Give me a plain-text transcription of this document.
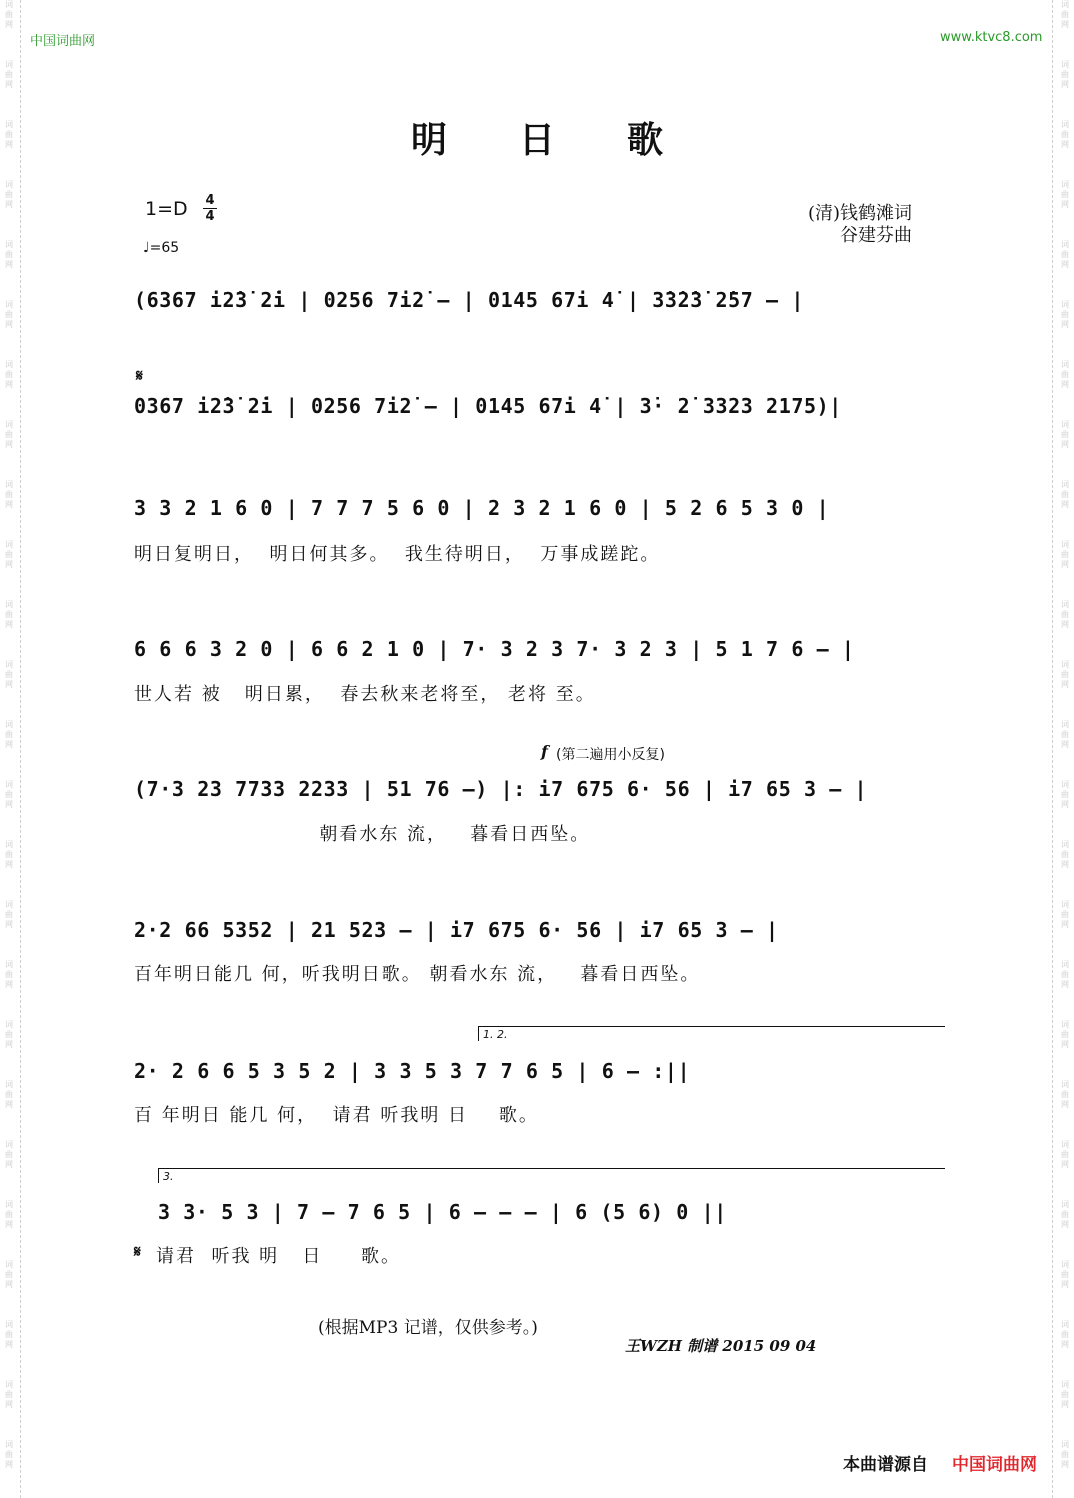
词
曲
网
词
曲
网
词
曲
网
词
曲
网
词
曲
网
词
曲
网
词
曲
网
词
曲
网
词
曲
网
词
曲
网
词
曲
网
词
曲
网
词
曲
网
词
曲
网
词
曲
网
词
曲
网
词
曲
网
词
曲
网
词
曲
网
词
曲
网
词
曲
网
词
曲
网
词
曲
网
词
曲
网
词
曲
网
词
曲
网
词
曲
网
词
曲
网
词
曲
网
词
曲
网
词
曲
网
词
曲
网
词
曲
网
词
曲
网
词
曲
网
词
曲
网
词
曲
网
词
曲
网
词
曲
网
词
曲
网
词
曲
网
词
曲
网
词
曲
网
词
曲
网
词
曲
网
词
曲
网
词
曲
网
词
曲
网
词
曲
网
词
曲
网
中国词曲网	www.ktvc8.com
明日歌
1=D 4
4
♩=65
(清)钱鹤滩词
谷建芬曲
(6367 i2̇3̇ 2̇i | 0256 7i2̇ – | 0145 67i 4̇ | 3̇3̇2̇3̇ 2̇57 – |
𝄋
0367 i2̇3̇ 2̇i | 0256 7i2̇ – | 0145 67i 4̇ | 3̇· 2̇ 3323 2175)|
3 3 2 1 6 0 | 7 7 7 5 6 0 | 2 3 2 1 6 0 | 5 2 6 5 3 0 |
明日复明日，  明日何其多。  我生待明日，  万事成蹉跎。
6 6 6 3 2 0 | 6 6 2 1 0 | 7· 3 2 3 7· 3 2 3 | 5 1 7 6 – |
世人若 被   明日累，  春去秋来老将至， 老将 至。
f (第二遍用小反复)
(7·3 23 7733 2233 | 51 76 –) |: i7 675 6· 56 | i7 65 3 – |
朝看水东 流，   暮看日西坠。
2·2 66 5352 | 21 523 – | i7 675 6· 56 | i7 65 3 – |
百年明日能几 何，听我明日歌。 朝看水东 流，   暮看日西坠。
1. 2.
2· 2 6 6 5 3 5 2 | 3 3 5 3 7 7 6 5 | 6 – :||
百 年明日 能几 何，  请君 听我明 日    歌。
3.
3 3· 5 3 | 7 – 7 6 5 | 6 – – – | 6 (5 6) 0 ||
𝄋 请君  听我 明   日     歌。
(根据MP3 记谱，仅供参考。)
王WZH 制谱 2015 09 04
本曲谱源自 中国词曲网
